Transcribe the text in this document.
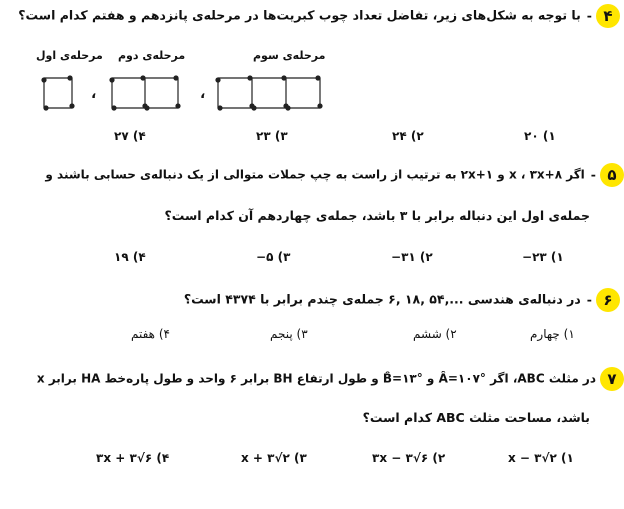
۴-با توجه به شکل‌های زیر، تفاضل تعداد چوب کبریت‌ها در مرحله‌ی پانزدهم و هفتم کدام است؟
مرحله‌ی اول مرحله‌ی دوم	مرحله‌ی سوم
،	،
۱) ۲۰
۲) ۲۴
۳) ۲۳
۴) ۲۷
۵-اگر x ، ۳x+۸ و ۲x+۱ به ترتیب از راست به چپ جملات متوالی از یک دنباله‌ی حسابی باشند و
جمله‌ی اول این دنباله برابر با ۳ باشد، جمله‌ی چهاردهم آن کدام است؟
۱) ۲۳−
۲) ۳۱−
۳) ۵−
۴) ۱۹
۶-در دنباله‌ی هندسی ...,۵۴ ,۱۸ ,۶ جمله‌ی چندم برابر با ۴۳۷۴ است؟
۱) چهارم
۲) ششم
۳) پنجم
۴) هفتم
۷در مثلث ABC، اگر Â=۱۰۷° و B̂=۱۳° و طول ارتفاع BH برابر ۶ واحد و طول پاره‌خط HA برابر x
باشد، مساحت مثلث ABC کدام است؟
۱) ۲√۳ − x
۲) ۶√۳ − ۳x
۳) ۲√۳ + x
۴) ۶√۳ + ۳x
